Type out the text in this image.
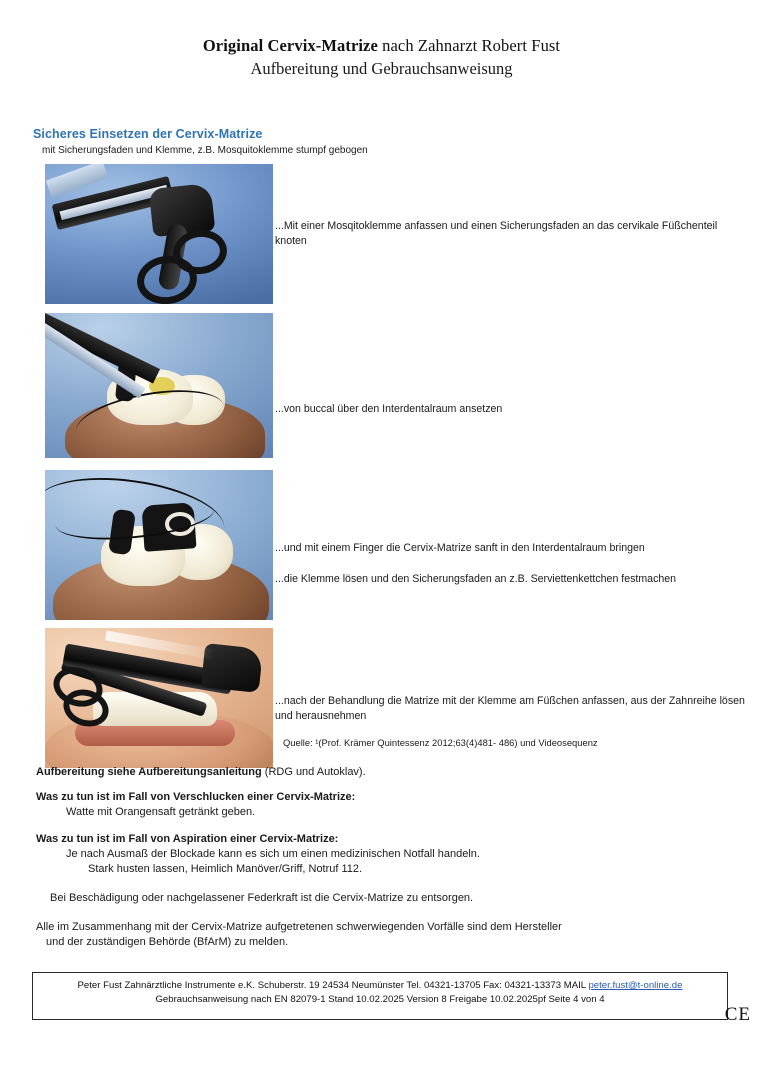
Original Cervix-Matrize nach Zahnarzt Robert Fust
Aufbereitung und Gebrauchsanweisung
Sicheres Einsetzen der Cervix-Matrize
mit Sicherungsfaden und Klemme, z.B. Mosquitoklemme stumpf gebogen
...Mit einer Mosqitoklemme anfassen und einen Sicherungsfaden an das cervikale Füßchenteil knoten
...von buccal über den Interdentalraum ansetzen
...und mit einem Finger die Cervix-Matrize sanft in den Interdentalraum bringen
...die Klemme lösen und den Sicherungsfaden an z.B. Serviettenkettchen festmachen
...nach der Behandlung die Matrize mit der Klemme am Füßchen anfassen, aus der Zahnreihe lösen und herausnehmen
Quelle: ¹(Prof. Krämer Quintessenz 2012;63(4)481- 486) und Videosequenz
Aufbereitung siehe Aufbereitungsanleitung (RDG und Autoklav).
Was zu tun ist im Fall von Verschlucken einer Cervix-Matrize:
Watte mit Orangensaft getränkt geben.
Was zu tun ist im Fall von Aspiration einer Cervix-Matrize:
Je nach Ausmaß der Blockade kann es sich um einen medizinischen Notfall handeln.
Stark husten lassen, Heimlich Manöver/Griff, Notruf 112.
Bei Beschädigung oder nachgelassener Federkraft ist die Cervix-Matrize zu entsorgen.
Alle im Zusammenhang mit der Cervix-Matrize aufgetretenen schwerwiegenden Vorfälle sind dem Hersteller
und der zuständigen Behörde (BfArM) zu melden.
Peter Fust Zahnärztliche Instrumente e.K. Schuberstr. 19 24534 Neumünster Tel. 04321-13705 Fax: 04321-13373 MAIL peter.fust@t-online.de
Gebrauchsanweisung nach EN 82079-1 Stand 10.02.2025 Version 8 Freigabe 10.02.2025pf Seite 4 von 4
CE
